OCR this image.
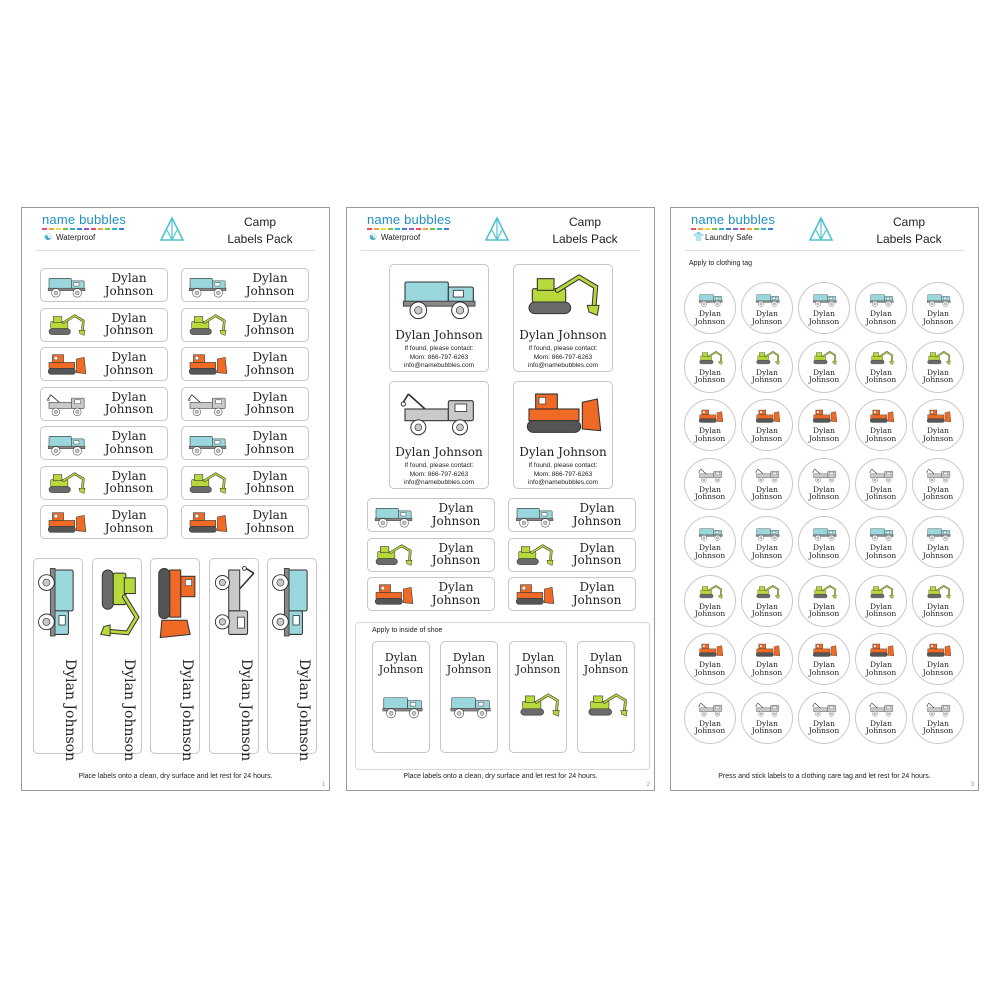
name bubbles
☯ Waterproof
Camp
Labels Pack
Dylan
Johnson
Dylan
Johnson
Dylan
Johnson
Dylan
Johnson
Dylan
Johnson
Dylan
Johnson
Dylan
Johnson
Dylan
Johnson
Dylan
Johnson
Dylan
Johnson
Dylan
Johnson
Dylan
Johnson
Dylan
Johnson
Dylan
Johnson
Dylan Johnson	Dylan Johnson	Dylan Johnson	Dylan Johnson	Dylan Johnson
Place labels onto a clean, dry surface and let rest for 24 hours.
1
name bubbles
☯ Waterproof
Camp
Labels Pack
Dylan Johnson
If found, please contact:
Mom: 866-797-6263
info@namebubbles.com
Dylan Johnson
If found, please contact:
Mom: 866-797-6263
info@namebubbles.com
Dylan Johnson
If found, please contact:
Mom: 866-797-6263
info@namebubbles.com
Dylan Johnson
If found, please contact:
Mom: 866-797-6263
info@namebubbles.com
Dylan
Johnson
Dylan
Johnson
Dylan
Johnson
Dylan
Johnson
Dylan
Johnson
Dylan
Johnson
Apply to inside of shoe
Dylan
Johnson
Dylan
Johnson
Dylan
Johnson
Dylan
Johnson
Place labels onto a clean, dry surface and let rest for 24 hours.
2
name bubbles
👕 Laundry Safe
Camp
Labels Pack
Apply to clothing tag
Dylan
Johnson
Dylan
Johnson
Dylan
Johnson
Dylan
Johnson
Dylan
Johnson
Dylan
Johnson
Dylan
Johnson
Dylan
Johnson
Dylan
Johnson
Dylan
Johnson
Dylan
Johnson
Dylan
Johnson
Dylan
Johnson
Dylan
Johnson
Dylan
Johnson
Dylan
Johnson
Dylan
Johnson
Dylan
Johnson
Dylan
Johnson
Dylan
Johnson
Dylan
Johnson
Dylan
Johnson
Dylan
Johnson
Dylan
Johnson
Dylan
Johnson
Dylan
Johnson
Dylan
Johnson
Dylan
Johnson
Dylan
Johnson
Dylan
Johnson
Dylan
Johnson
Dylan
Johnson
Dylan
Johnson
Dylan
Johnson
Dylan
Johnson
Dylan
Johnson
Dylan
Johnson
Dylan
Johnson
Dylan
Johnson
Dylan
Johnson
Press and stick labels to a clothing care tag and let rest for 24 hours.
3
